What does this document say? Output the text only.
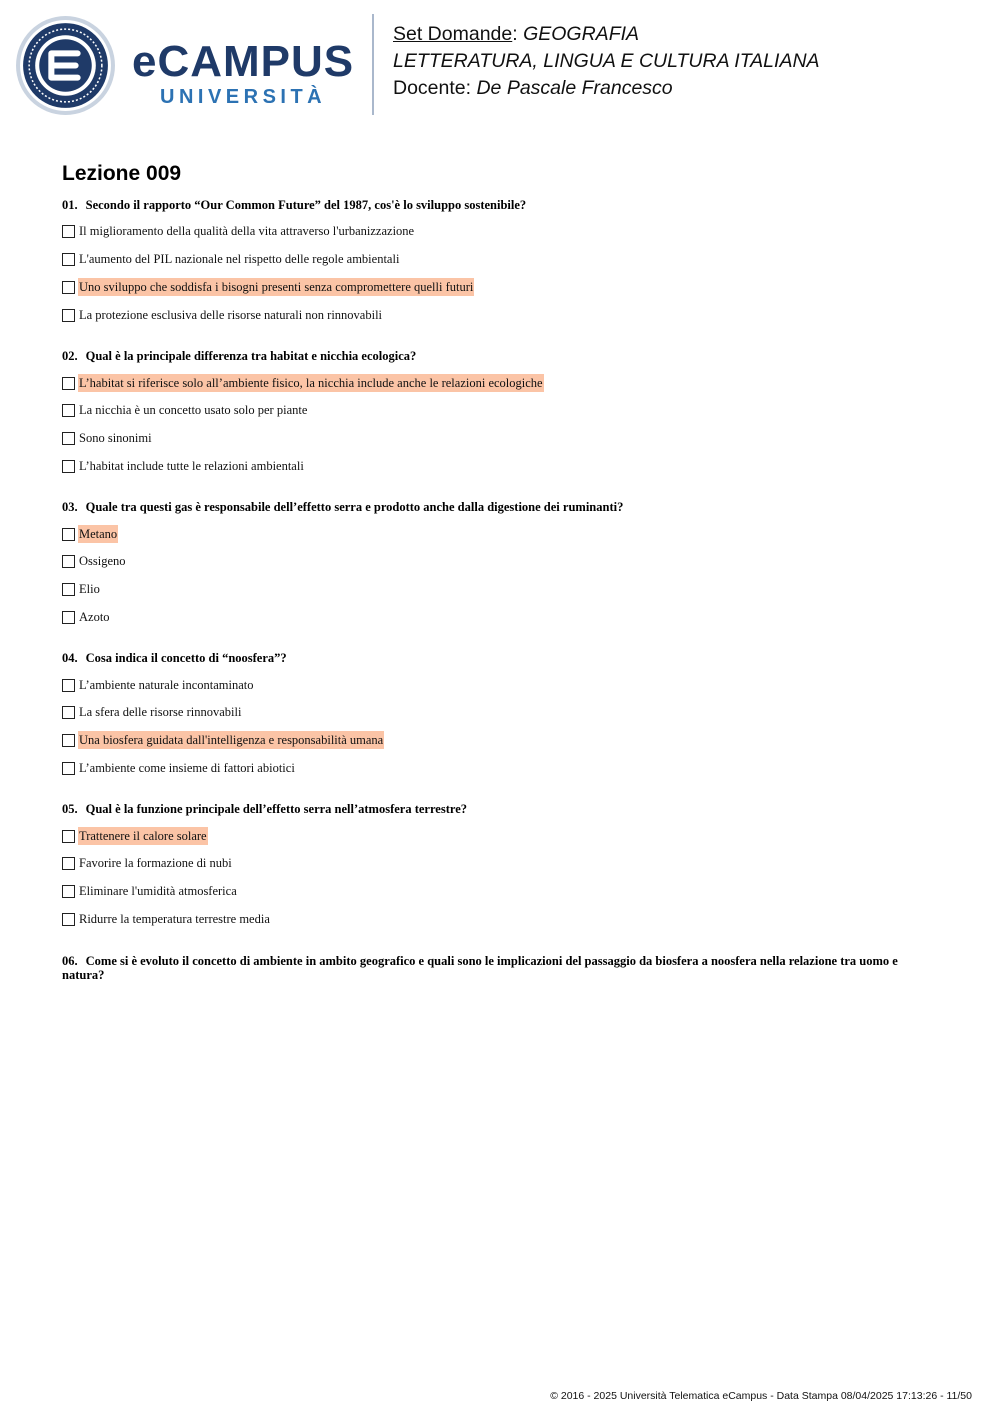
eCAMPUS
UNIVERSITÀ
Set Domande: GEOGRAFIA
LETTERATURA, LINGUA E CULTURA ITALIANA
Docente: De Pascale Francesco
Lezione 009
01. Secondo il rapporto “Our Common Future” del 1987, cos'è lo sviluppo sostenibile?
Il miglioramento della qualità della vita attraverso l'urbanizzazione
L'aumento del PIL nazionale nel rispetto delle regole ambientali
Uno sviluppo che soddisfa i bisogni presenti senza compromettere quelli futuri
La protezione esclusiva delle risorse naturali non rinnovabili
02. Qual è la principale differenza tra habitat e nicchia ecologica?
L’habitat si riferisce solo all’ambiente fisico, la nicchia include anche le relazioni ecologiche
La nicchia è un concetto usato solo per piante
Sono sinonimi
L’habitat include tutte le relazioni ambientali
03. Quale tra questi gas è responsabile dell’effetto serra e prodotto anche dalla digestione dei ruminanti?
Metano
Ossigeno
Elio
Azoto
04. Cosa indica il concetto di “noosfera”?
L’ambiente naturale incontaminato
La sfera delle risorse rinnovabili
Una biosfera guidata dall'intelligenza e responsabilità umana
L’ambiente come insieme di fattori abiotici
05. Qual è la funzione principale dell’effetto serra nell’atmosfera terrestre?
Trattenere il calore solare
Favorire la formazione di nubi
Eliminare l'umidità atmosferica
Ridurre la temperatura terrestre media
06. Come si è evoluto il concetto di ambiente in ambito geografico e quali sono le implicazioni del passaggio da biosfera a noosfera nella relazione tra uomo e natura?
© 2016 - 2025 Università Telematica eCampus - Data Stampa 08/04/2025 17:13:26 - 11/50
